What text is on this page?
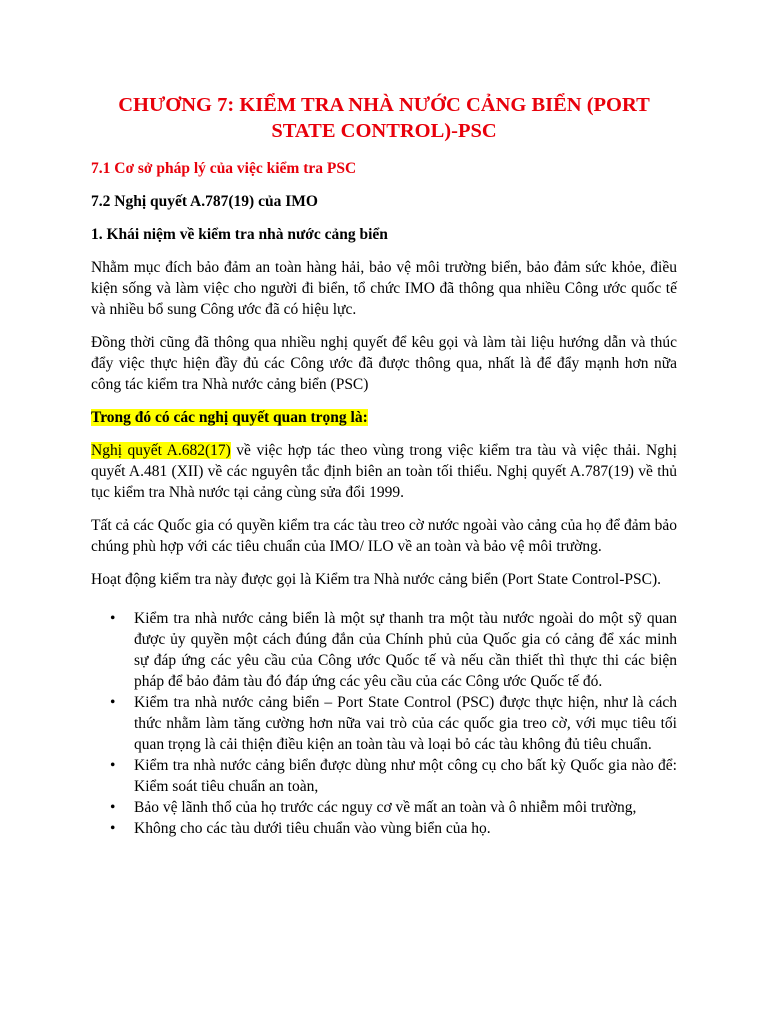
CHƯƠNG 7: KIỂM TRA NHÀ NƯỚC CẢNG BIỂN (PORT STATE CONTROL)-PSC
7.1 Cơ sở pháp lý của việc kiểm tra PSC
7.2 Nghị quyết A.787(19) của IMO
1. Khái niệm về kiểm tra nhà nước cảng biển
Nhằm mục đích bảo đảm an toàn hàng hải, bảo vệ môi trường biển, bảo đảm sức khỏe, điều kiện sống và làm việc cho người đi biển, tổ chức IMO đã thông qua nhiều Công ước quốc tế và nhiều bổ sung Công ước đã có hiệu lực.
Đồng thời cũng đã thông qua nhiều nghị quyết để kêu gọi và làm tài liệu hướng dẫn và thúc đẩy việc thực hiện đầy đủ các Công ước đã được thông qua, nhất là để đẩy mạnh hơn nữa công tác kiểm tra Nhà nước cảng biển (PSC)
Trong đó có các nghị quyết quan trọng là:
Nghị quyết A.682(17) về việc hợp tác theo vùng trong việc kiểm tra tàu và việc thải. Nghị quyết A.481 (XII) về các nguyên tắc định biên an toàn tối thiểu. Nghị quyết A.787(19) về thủ tục kiểm tra Nhà nước tại cảng cùng sửa đổi 1999.
Tất cả các Quốc gia có quyền kiểm tra các tàu treo cờ nước ngoài vào cảng của họ để đảm bảo chúng phù hợp với các tiêu chuẩn của IMO/ ILO về an toàn và bảo vệ môi trường.
Hoạt động kiểm tra này được gọi là Kiểm tra Nhà nước cảng biển (Port State Control-PSC).
• Kiểm tra nhà nước cảng biển là một sự thanh tra một tàu nước ngoài do một sỹ quan được ủy quyền một cách đúng đắn của Chính phủ của Quốc gia có cảng để xác minh sự đáp ứng các yêu cầu của Công ước Quốc tế và nếu cần thiết thì thực thi các biện pháp để bảo đảm tàu đó đáp ứng các yêu cầu của các Công ước Quốc tế đó.
• Kiểm tra nhà nước cảng biển – Port State Control (PSC) được thực hiện, như là cách thức nhằm làm tăng cường hơn nữa vai trò của các quốc gia treo cờ, với mục tiêu tối quan trọng là cải thiện điều kiện an toàn tàu và loại bỏ các tàu không đủ tiêu chuẩn.
• Kiểm tra nhà nước cảng biển được dùng như một công cụ cho bất kỳ Quốc gia nào để: Kiểm soát tiêu chuẩn an toàn,
• Bảo vệ lãnh thổ của họ trước các nguy cơ về mất an toàn và ô nhiễm môi trường,
• Không cho các tàu dưới tiêu chuẩn vào vùng biển của họ.
